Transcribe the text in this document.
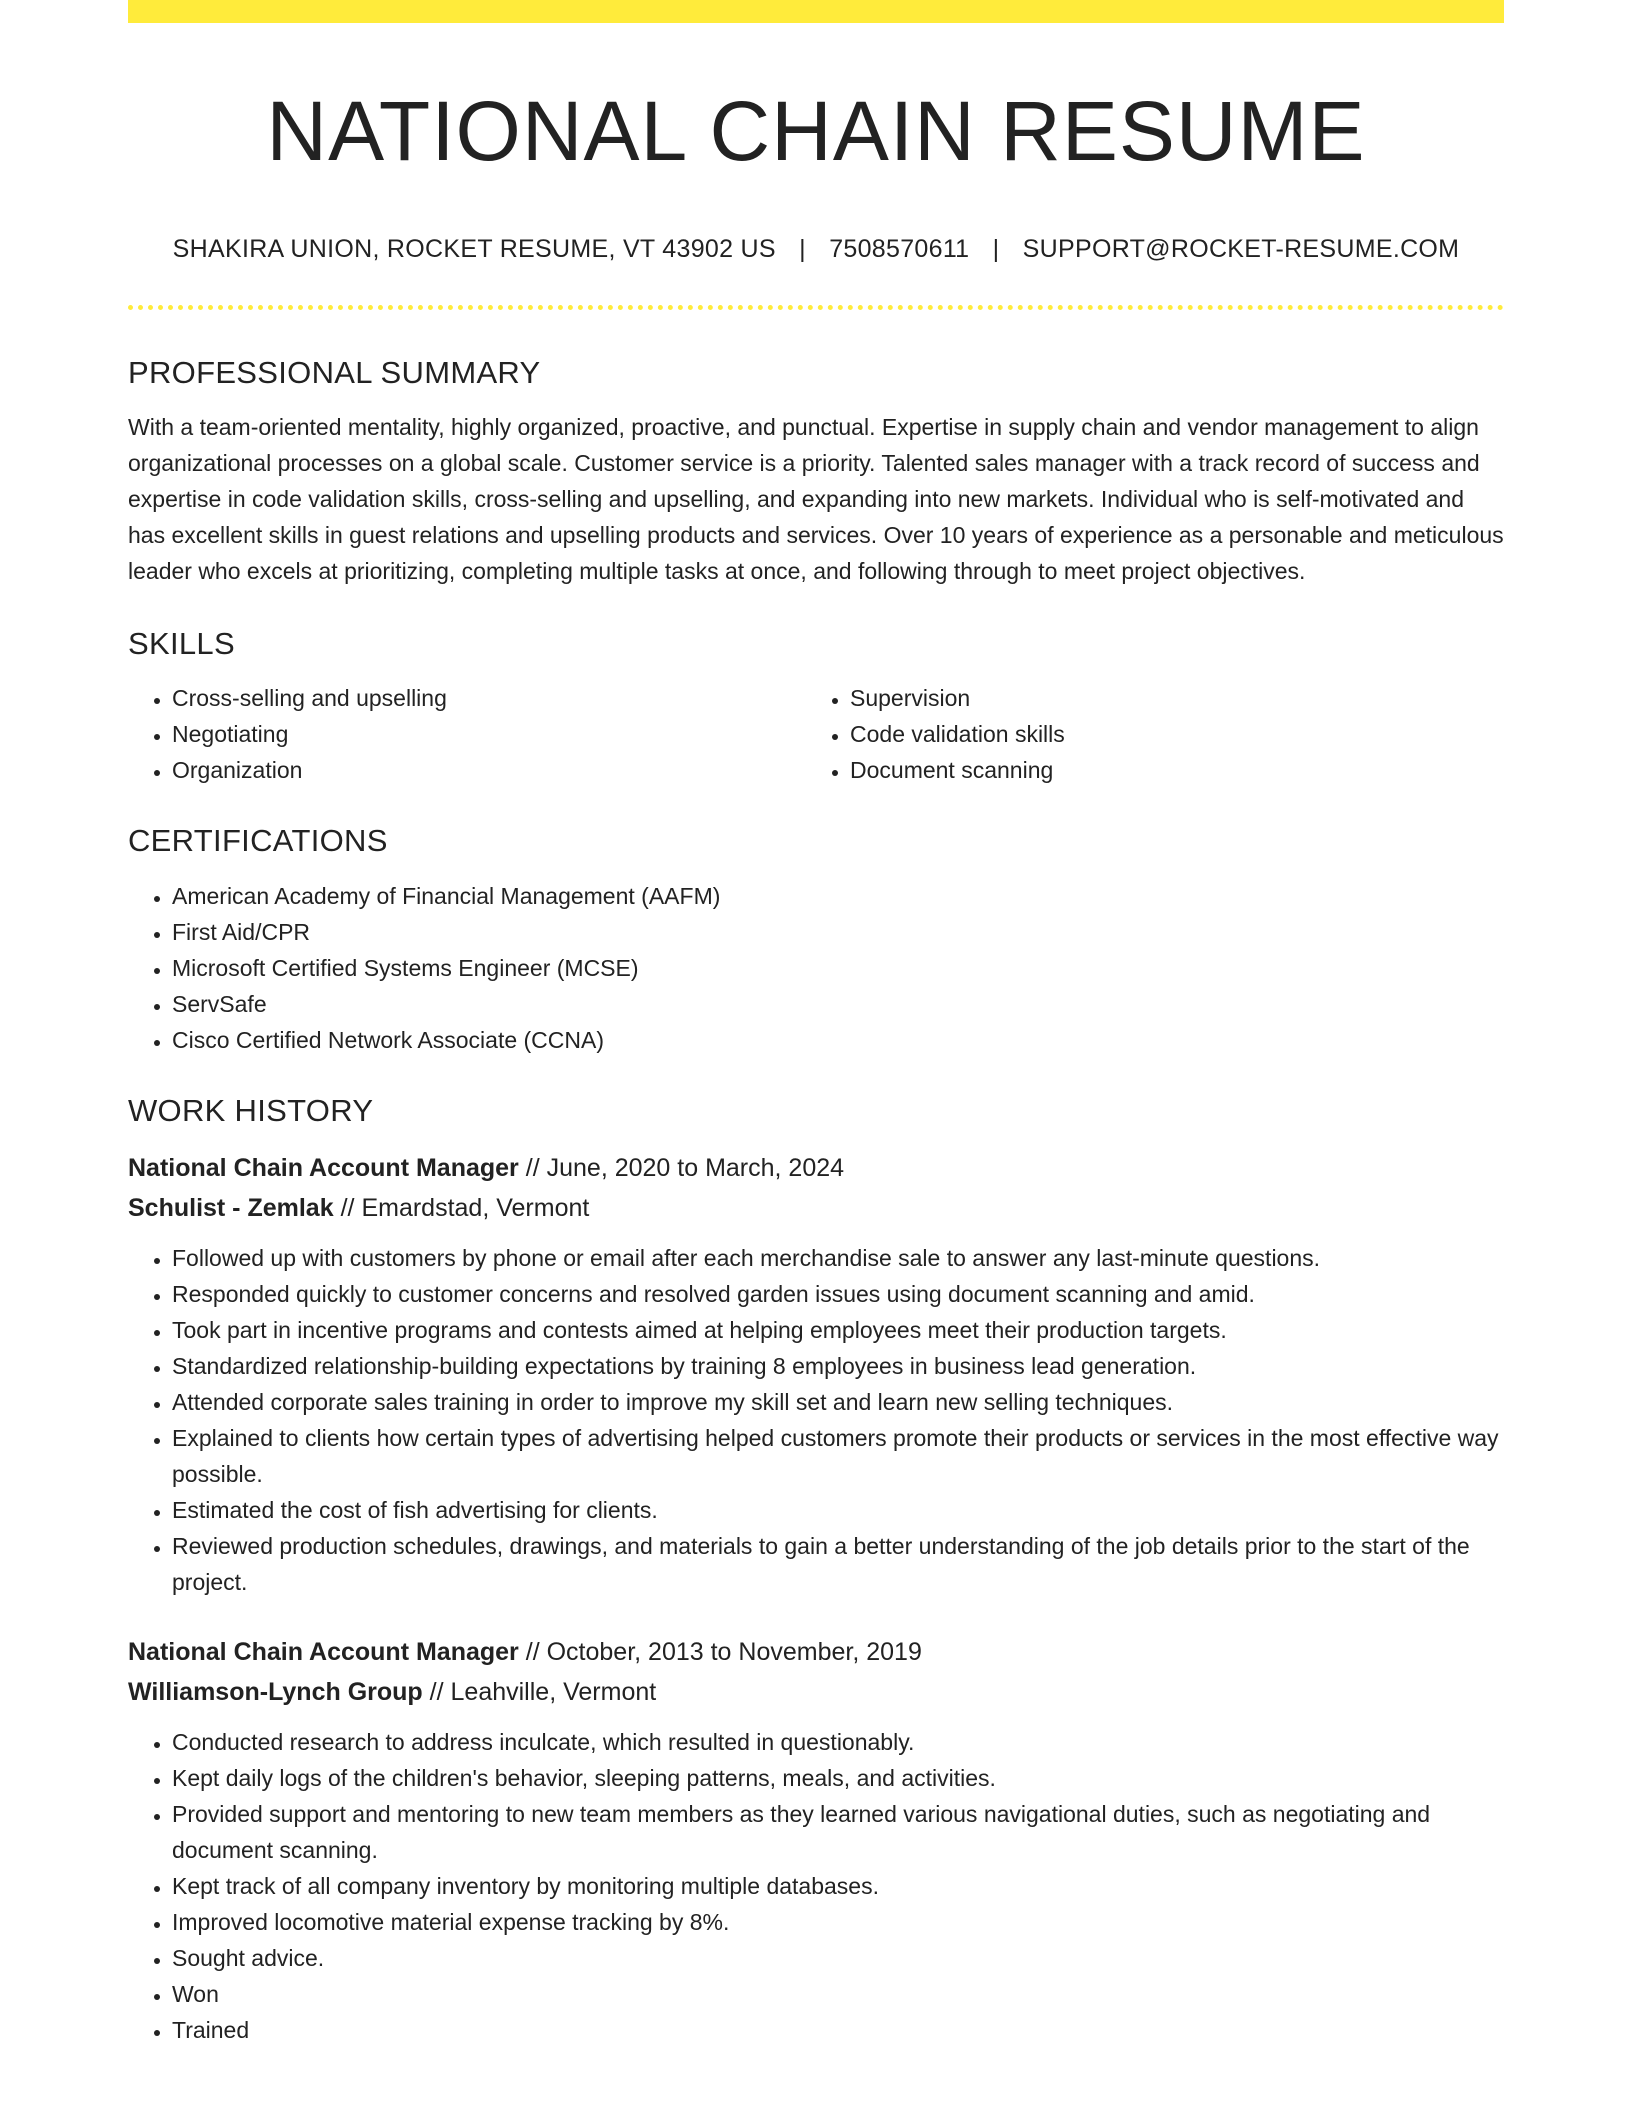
NATIONAL CHAIN RESUME
SHAKIRA UNION, ROCKET RESUME, VT 43902 US | 7508570611 | SUPPORT@ROCKET-RESUME.COM
PROFESSIONAL SUMMARY
With a team-oriented mentality, highly organized, proactive, and punctual. Expertise in supply chain and vendor management to align organizational processes on a global scale. Customer service is a priority. Talented sales manager with a track record of success and expertise in code validation skills, cross-selling and upselling, and expanding into new markets. Individual who is self-motivated and has excellent skills in guest relations and upselling products and services. Over 10 years of experience as a personable and meticulous leader who excels at prioritizing, completing multiple tasks at once, and following through to meet project objectives.
SKILLS
• Cross-selling and upselling
• Negotiating
• Organization
• Supervision
• Code validation skills
• Document scanning
CERTIFICATIONS
• American Academy of Financial Management (AAFM)
• First Aid/CPR
• Microsoft Certified Systems Engineer (MCSE)
• ServSafe
• Cisco Certified Network Associate (CCNA)
WORK HISTORY
National Chain Account Manager // June, 2020 to March, 2024
Schulist - Zemlak // Emardstad, Vermont
• Followed up with customers by phone or email after each merchandise sale to answer any last-minute questions.
• Responded quickly to customer concerns and resolved garden issues using document scanning and amid.
• Took part in incentive programs and contests aimed at helping employees meet their production targets.
• Standardized relationship-building expectations by training 8 employees in business lead generation.
• Attended corporate sales training in order to improve my skill set and learn new selling techniques.
• Explained to clients how certain types of advertising helped customers promote their products or services in the most effective way possible.
• Estimated the cost of fish advertising for clients.
• Reviewed production schedules, drawings, and materials to gain a better understanding of the job details prior to the start of the project.
National Chain Account Manager // October, 2013 to November, 2019
Williamson-Lynch Group // Leahville, Vermont
• Conducted research to address inculcate, which resulted in questionably.
• Kept daily logs of the children's behavior, sleeping patterns, meals, and activities.
• Provided support and mentoring to new team members as they learned various navigational duties, such as negotiating and document scanning.
• Kept track of all company inventory by monitoring multiple databases.
• Improved locomotive material expense tracking by 8%.
• Sought advice.
• Won
• Trained
